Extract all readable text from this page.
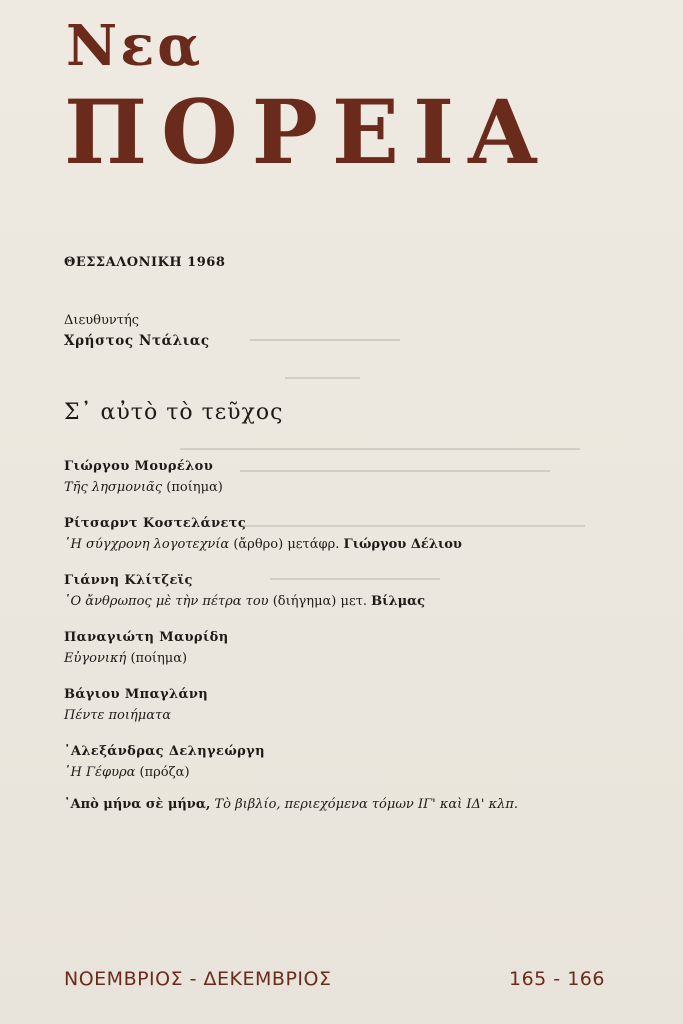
Νεα
ΠΟΡΕΙΑ
ΘΕΣΣΑΛΟΝΙΚΗ 1968
Διευθυντής
Χρήστος Ντάλιας
Σ᾿ αὐτὸ τὸ τεῦχος
Γιώργου Μουρέλου
Τῆς λησμονιᾶς (ποίημα)
Ρίτσαρντ Κοστελάνετς
῾Η σύγχρονη λογοτεχνία (ἄρθρο) μετάφρ. Γιώργου Δέλιου
Γιάννη Κλίτζεϊς
῾Ο ἄνθρωπος μὲ τὴν πέτρα του (διήγημα) μετ. Βίλμας
Παναγιώτη Μαυρίδη
Εὐγονική (ποίημα)
Βάγιου Μπαγλάνη
Πέντε ποιήματα
᾿Αλεξάνδρας Δεληγεώργη
῾Η Γέφυρα (πρόζα)
᾿Απὸ μήνα σὲ μήνα, Τὸ βιβλίο, περιεχόμενα τόμων ΙΓ' καὶ ΙΔ' κλπ.
ΝΟΕΜΒΡΙΟΣ - ΔΕΚΕΜΒΡΙΟΣ	165 - 166
